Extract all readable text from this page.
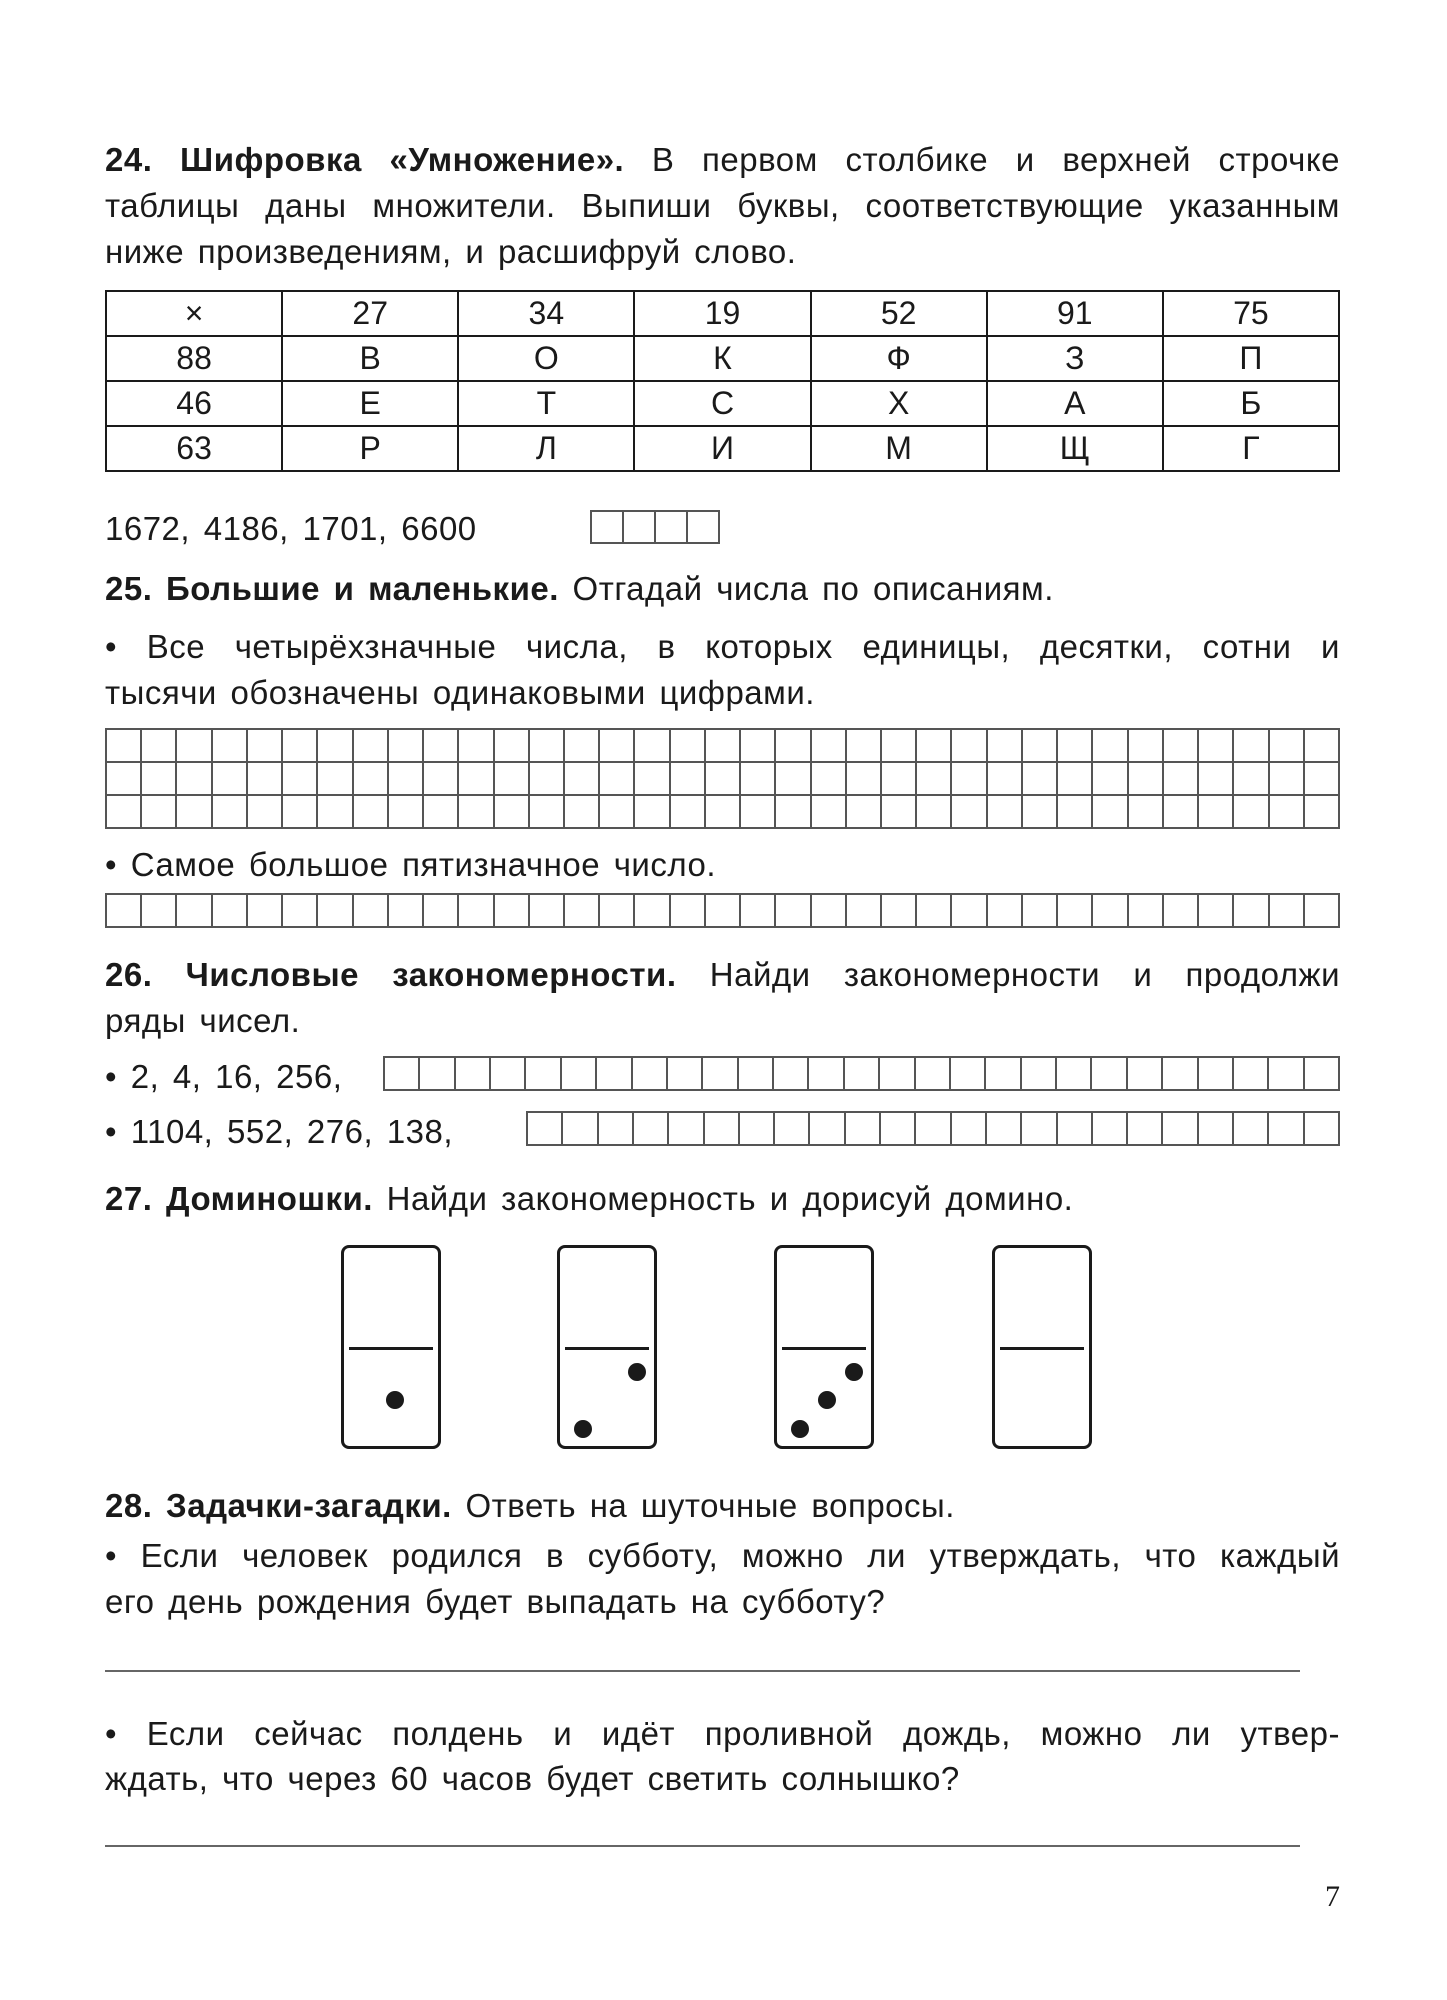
24. Шифровка «Умножение». В первом столбике и верхней строчке
таблицы даны множители. Выпиши буквы, соответствующие указанным
ниже произведениям, и расшифруй слово.
×	27	34	19	52	91	75
88	В	О	К	Ф	З	П
46	Е	Т	С	Х	А	Б
63	Р	Л	И	М	Щ	Г
1672, 4186, 1701, 6600
25. Большие и маленькие. Отгадай числа по описаниям.
• Все четырёхзначные числа, в которых единицы, десятки, сотни и
тысячи обозначены одинаковыми цифрами.
• Самое большое пятизначное число.
26. Числовые закономерности. Найди закономерности и продолжи
ряды чисел.
• 2, 4, 16, 256,
• 1104, 552, 276, 138,
27. Доминошки. Найди закономерность и дорисуй домино.
28. Задачки-загадки. Ответь на шуточные вопросы.
• Если человек родился в субботу, можно ли утверждать, что каждый
его день рождения будет выпадать на субботу?
• Если сейчас полдень и идёт проливной дождь, можно ли утвер-
ждать, что через 60 часов будет светить солнышко?
7
